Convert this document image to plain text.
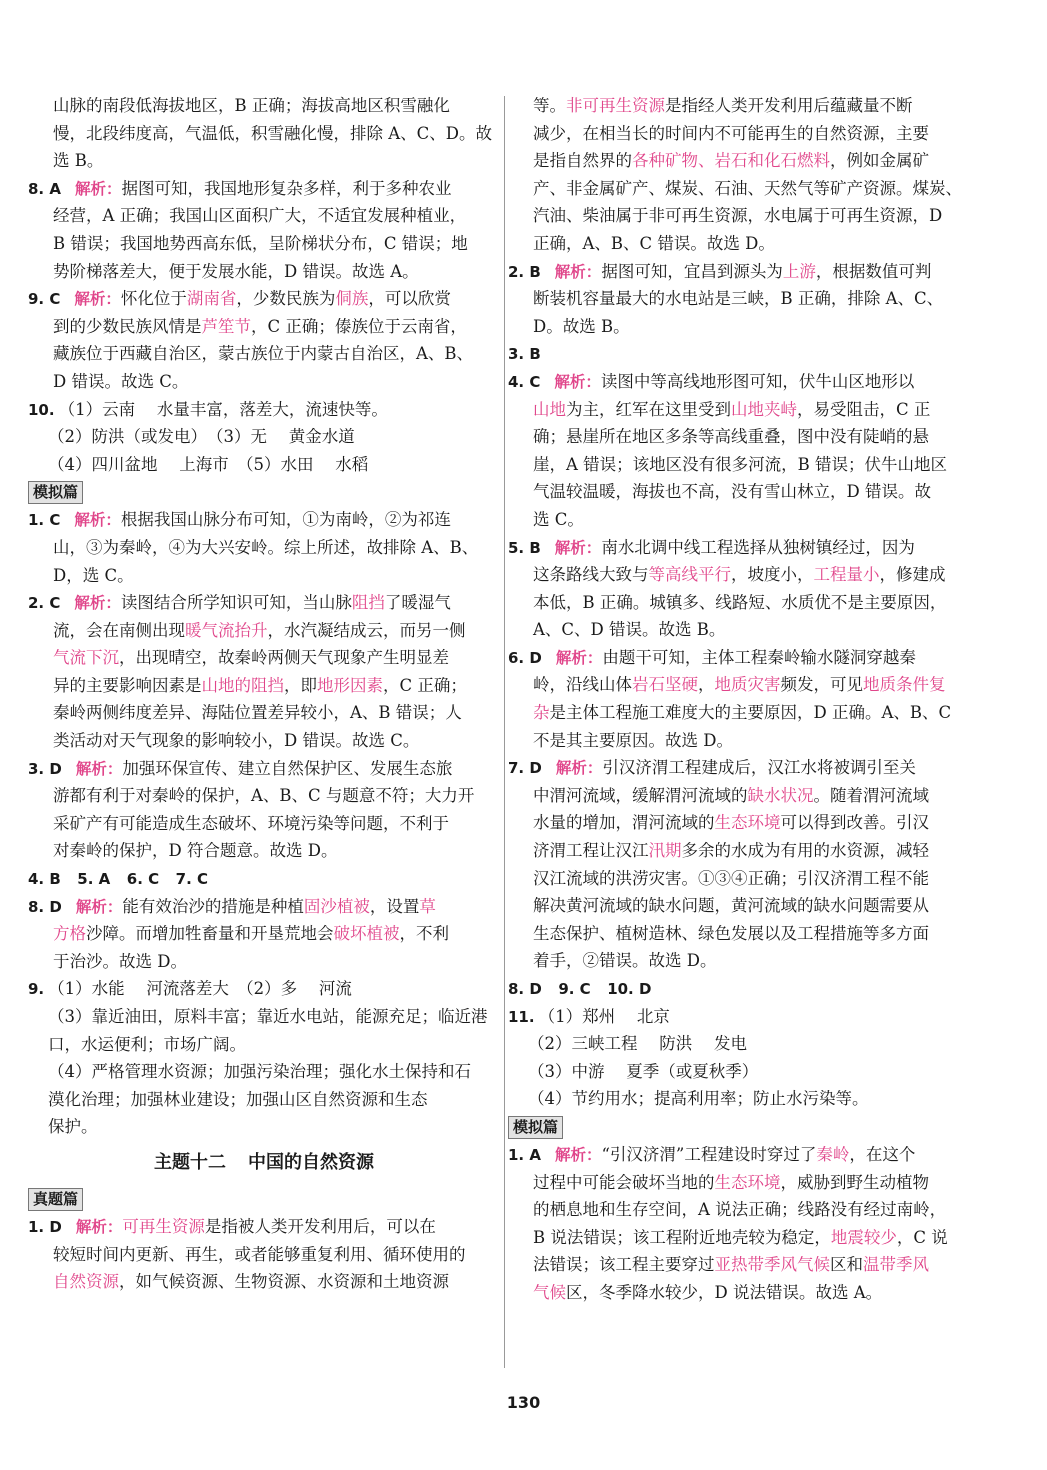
山脉的南段低海拔地区，B 正确；海拔高地区积雪融化
慢，北段纬度高，气温低，积雪融化慢，排除 A、C、D。故
选 B。
8. A 解析：据图可知，我国地形复杂多样，利于多种农业
经营，A 正确；我国山区面积广大，不适宜发展种植业，
B 错误；我国地势西高东低，呈阶梯状分布，C 错误；地
势阶梯落差大，便于发展水能，D 错误。故选 A。
9. C 解析：怀化位于湖南省，少数民族为侗族，可以欣赏
到的少数民族风情是芦笙节，C 正确；傣族位于云南省，
藏族位于西藏自治区，蒙古族位于内蒙古自治区，A、B、
D 错误。故选 C。
10. （1）云南　 水量丰富，落差大，流速快等。
（2）防洪（或发电）　（3）无　 黄金水道
（4）四川盆地　 上海市　（5）水田　 水稻
模拟篇
1. C 解析：根据我国山脉分布可知，①为南岭，②为祁连
山，③为秦岭，④为大兴安岭。综上所述，故排除 A、B、
D，选 C。
2. C 解析：读图结合所学知识可知，当山脉阻挡了暖湿气
流，会在南侧出现暖气流抬升，水汽凝结成云，而另一侧
气流下沉，出现晴空，故秦岭两侧天气现象产生明显差
异的主要影响因素是山地的阻挡，即地形因素，C 正确；
秦岭两侧纬度差异、海陆位置差异较小，A、B 错误；人
类活动对天气现象的影响较小，D 错误。故选 C。
3. D 解析：加强环保宣传、建立自然保护区、发展生态旅
游都有利于对秦岭的保护，A、B、C 与题意不符；大力开
采矿产有可能造成生态破坏、环境污染等问题，不利于
对秦岭的保护，D 符合题意。故选 D。
4. B　 5. A　 6. C　 7. C
8. D 解析：能有效治沙的措施是种植固沙植被，设置草
方格沙障。而增加牲畜量和开垦荒地会破坏植被，不利
于治沙。故选 D。
9. （1）水能　 河流落差大　（2）多　 河流
（3）靠近油田，原料丰富；靠近水电站，能源充足；临近港
口，水运便利；市场广阔。
（4）严格管理水资源；加强污染治理；强化水土保持和石
漠化治理；加强林业建设；加强山区自然资源和生态
保护。
主题十二 中国的自然资源
真题篇
1. D 解析：可再生资源是指被人类开发利用后，可以在
较短时间内更新、再生，或者能够重复利用、循环使用的
自然资源，如气候资源、生物资源、水资源和土地资源
等。非可再生资源是指经人类开发利用后蕴藏量不断
减少，在相当长的时间内不可能再生的自然资源，主要
是指自然界的各种矿物、岩石和化石燃料，例如金属矿
产、非金属矿产、煤炭、石油、天然气等矿产资源。煤炭、
汽油、柴油属于非可再生资源，水电属于可再生资源，D
正确，A、B、C 错误。故选 D。
2. B 解析：据图可知，宜昌到源头为上游，根据数值可判
断装机容量最大的水电站是三峡，B 正确，排除 A、C、
D。故选 B。
3. B
4. C 解析：读图中等高线地形图可知，伏牛山区地形以
山地为主，红军在这里受到山地夹峙，易受阻击，C 正
确；悬崖所在地区多条等高线重叠，图中没有陡峭的悬
崖，A 错误；该地区没有很多河流，B 错误；伏牛山地区
气温较温暖，海拔也不高，没有雪山林立，D 错误。故
选 C。
5. B 解析：南水北调中线工程选择从独树镇经过，因为
这条路线大致与等高线平行，坡度小，工程量小，修建成
本低，B 正确。城镇多、线路短、水质优不是主要原因，
A、C、D 错误。故选 B。
6. D 解析：由题干可知，主体工程秦岭输水隧洞穿越秦
岭，沿线山体岩石坚硬，地质灾害频发，可见地质条件复
杂是主体工程施工难度大的主要原因，D 正确。A、B、C
不是其主要原因。故选 D。
7. D 解析：引汉济渭工程建成后，汉江水将被调引至关
中渭河流域，缓解渭河流域的缺水状况。随着渭河流域
水量的增加，渭河流域的生态环境可以得到改善。引汉
济渭工程让汉江汛期多余的水成为有用的水资源，减轻
汉江流域的洪涝灾害。①③④正确；引汉济渭工程不能
解决黄河流域的缺水问题，黄河流域的缺水问题需要从
生态保护、植树造林、绿色发展以及工程措施等多方面
着手，②错误。故选 D。
8. D　 9. C　 10. D
11. （1）郑州　 北京
（2）三峡工程　 防洪　 发电
（3）中游　 夏季（或夏秋季）
（4）节约用水；提高利用率；防止水污染等。
模拟篇
1. A 解析：“引汉济渭”工程建设时穿过了秦岭，在这个
过程中可能会破坏当地的生态环境，威胁到野生动植物
的栖息地和生存空间，A 说法正确；线路没有经过南岭，
B 说法错误；该工程附近地壳较为稳定，地震较少，C 说
法错误；该工程主要穿过亚热带季风气候区和温带季风
气候区，冬季降水较少，D 说法错误。故选 A。
130
